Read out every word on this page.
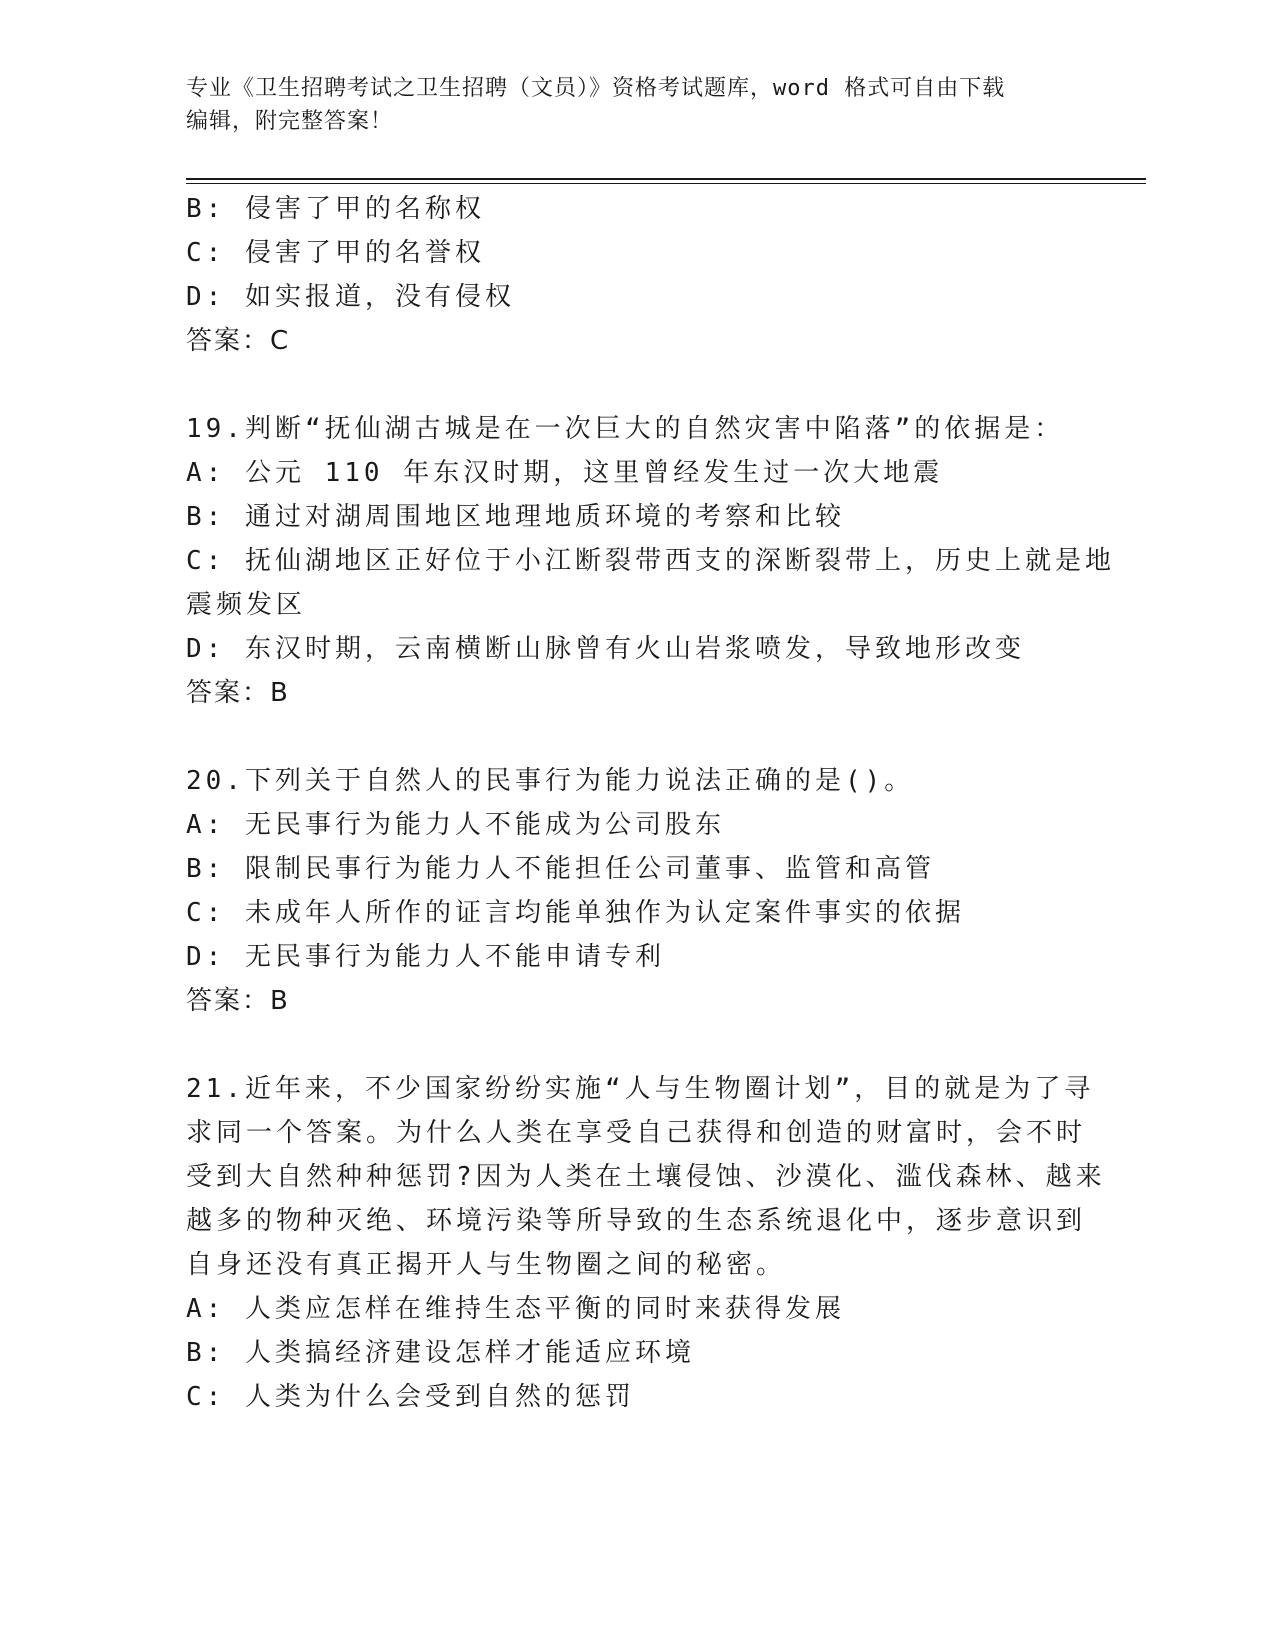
专业《卫生招聘考试之卫生招聘（文员）》资格考试题库，word 格式可自由下载
编辑，附完整答案！
B: 侵害了甲的名称权
C: 侵害了甲的名誉权
D: 如实报道，没有侵权
答案：C
19.判断“抚仙湖古城是在一次巨大的自然灾害中陷落”的依据是：
A: 公元 110 年东汉时期，这里曾经发生过一次大地震
B: 通过对湖周围地区地理地质环境的考察和比较
C: 抚仙湖地区正好位于小江断裂带西支的深断裂带上，历史上就是地
震频发区
D: 东汉时期，云南横断山脉曾有火山岩浆喷发，导致地形改变
答案：B
20.下列关于自然人的民事行为能力说法正确的是()。
A: 无民事行为能力人不能成为公司股东
B: 限制民事行为能力人不能担任公司董事、监管和高管
C: 未成年人所作的证言均能单独作为认定案件事实的依据
D: 无民事行为能力人不能申请专利
答案：B
21.近年来，不少国家纷纷实施“人与生物圈计划”，目的就是为了寻
求同一个答案。为什么人类在享受自己获得和创造的财富时，会不时
受到大自然种种惩罚?因为人类在土壤侵蚀、沙漠化、滥伐森林、越来
越多的物种灭绝、环境污染等所导致的生态系统退化中，逐步意识到
自身还没有真正揭开人与生物圈之间的秘密。
A: 人类应怎样在维持生态平衡的同时来获得发展
B: 人类搞经济建设怎样才能适应环境
C: 人类为什么会受到自然的惩罚
